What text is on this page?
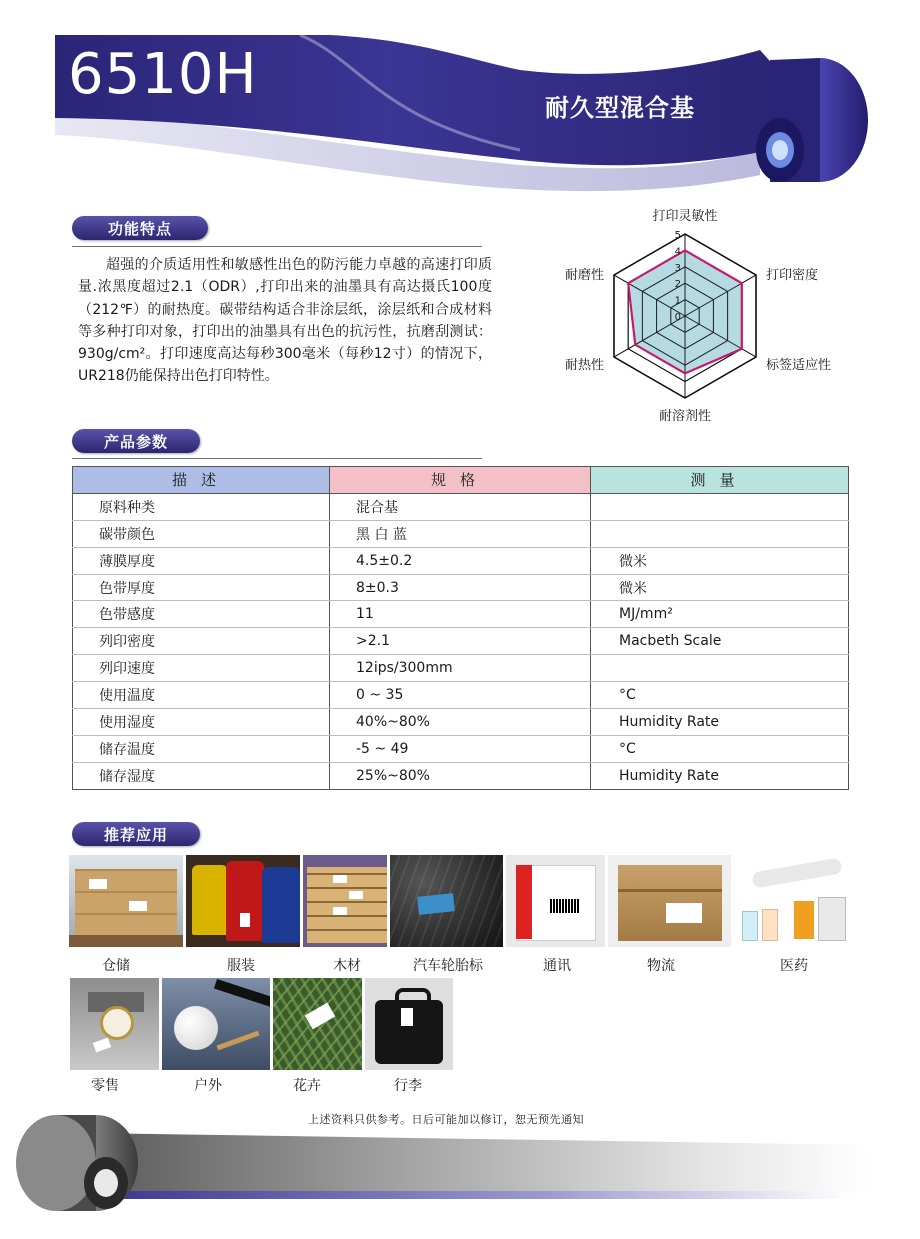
6510H
耐久型混合基
功能特点

超强的介质适用性和敏感性出色的防污能力卓越的高速打印质量.浓黑度超过2.1（ODR）,打印出来的油墨具有高达摄氏100度（212℉）的耐热度。碳带结构适合非涂层纸，涂层纸和合成材料等多种打印对象，打印出的油墨具有出色的抗污性，抗磨刮测试：930g/cm²。打印速度高达每秒300毫米（每秒12寸）的情况下，UR218仍能保持出色打印特性。

0
1
2
3
4
5
打印灵敏性
打印密度
标签适应性
耐溶剂性
耐热性
耐磨性
产品参数
描述	规格	测量
原料种类	混合基	
碳带颜色	黑 白 蓝	
薄膜厚度	4.5±0.2	微米
色带厚度	8±0.3	微米
色带感度	11	MJ/mm²
列印密度	>2.1	Macbeth Scale
列印速度	12ips/300mm	
使用温度	0 ~ 35	°C
使用湿度	40%~80%	Humidity Rate
储存温度	-5 ~ 49	°C
储存湿度	25%~80%	Humidity Rate
推荐应用
仓储	服装	木材	汽车轮胎标	通讯	物流	医药
零售	户外	花卉	行李
上述资料只供参考。日后可能加以修订，恕无预先通知
